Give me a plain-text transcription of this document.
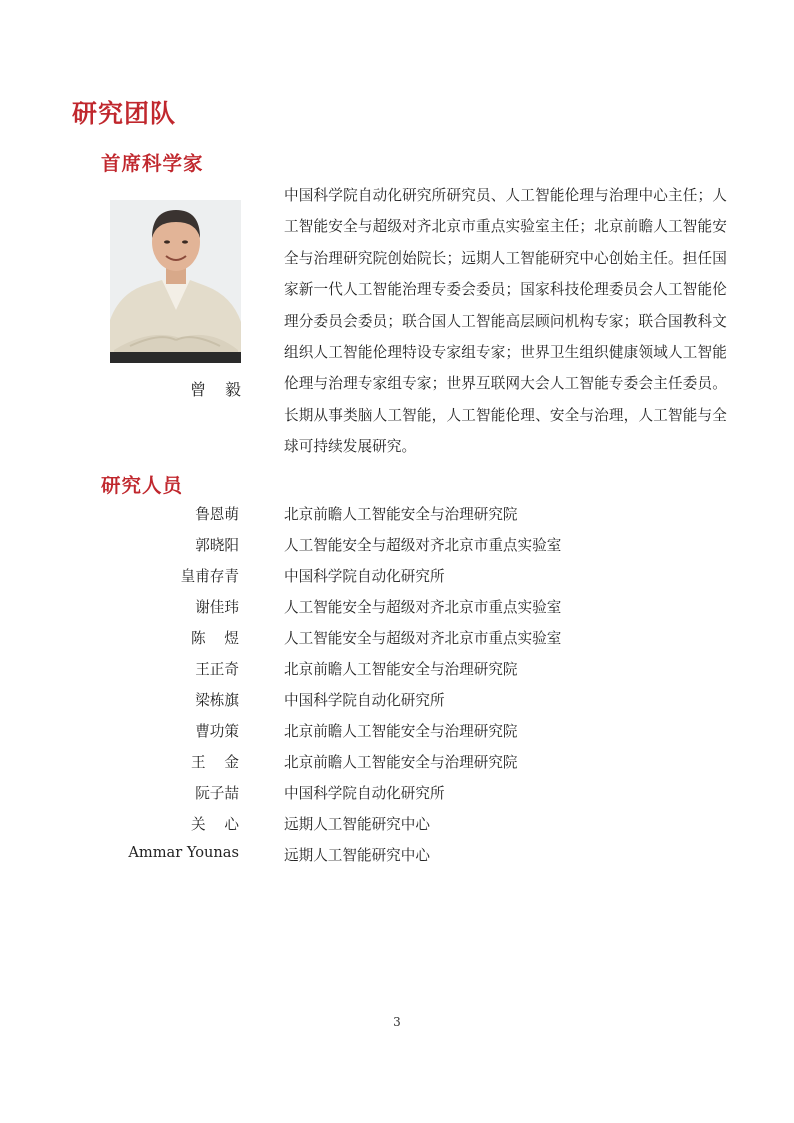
研究团队
首席科学家
曾 毅

中国科学院自动化研究所研究员、人工智能伦理与治理中心主任；人工智能安全与超级对齐北京市重点实验室主任；北京前瞻人工智能安全与治理研究院创始院长；远期人工智能研究中心创始主任。担任国家新一代人工智能治理专委会委员；国家科技伦理委员会人工智能伦理分委员会委员；联合国人工智能高层顾问机构专家；联合国教科文组织人工智能伦理特设专家组专家；世界卫生组织健康领域人工智能伦理与治理专家组专家；世界互联网大会人工智能专委会主任委员。长期从事类脑人工智能，人工智能伦理、安全与治理，人工智能与全球可持续发展研究。

研究人员
鲁恩萌	北京前瞻人工智能安全与治理研究院
郭晓阳	人工智能安全与超级对齐北京市重点实验室
皇甫存青	中国科学院自动化研究所
谢佳玮	人工智能安全与超级对齐北京市重点实验室
陈 煜	人工智能安全与超级对齐北京市重点实验室
王正奇	北京前瞻人工智能安全与治理研究院
梁栋旗	中国科学院自动化研究所
曹功策	北京前瞻人工智能安全与治理研究院
王 金	北京前瞻人工智能安全与治理研究院
阮子喆	中国科学院自动化研究所
关 心	远期人工智能研究中心
Ammar Younas	远期人工智能研究中心
3
